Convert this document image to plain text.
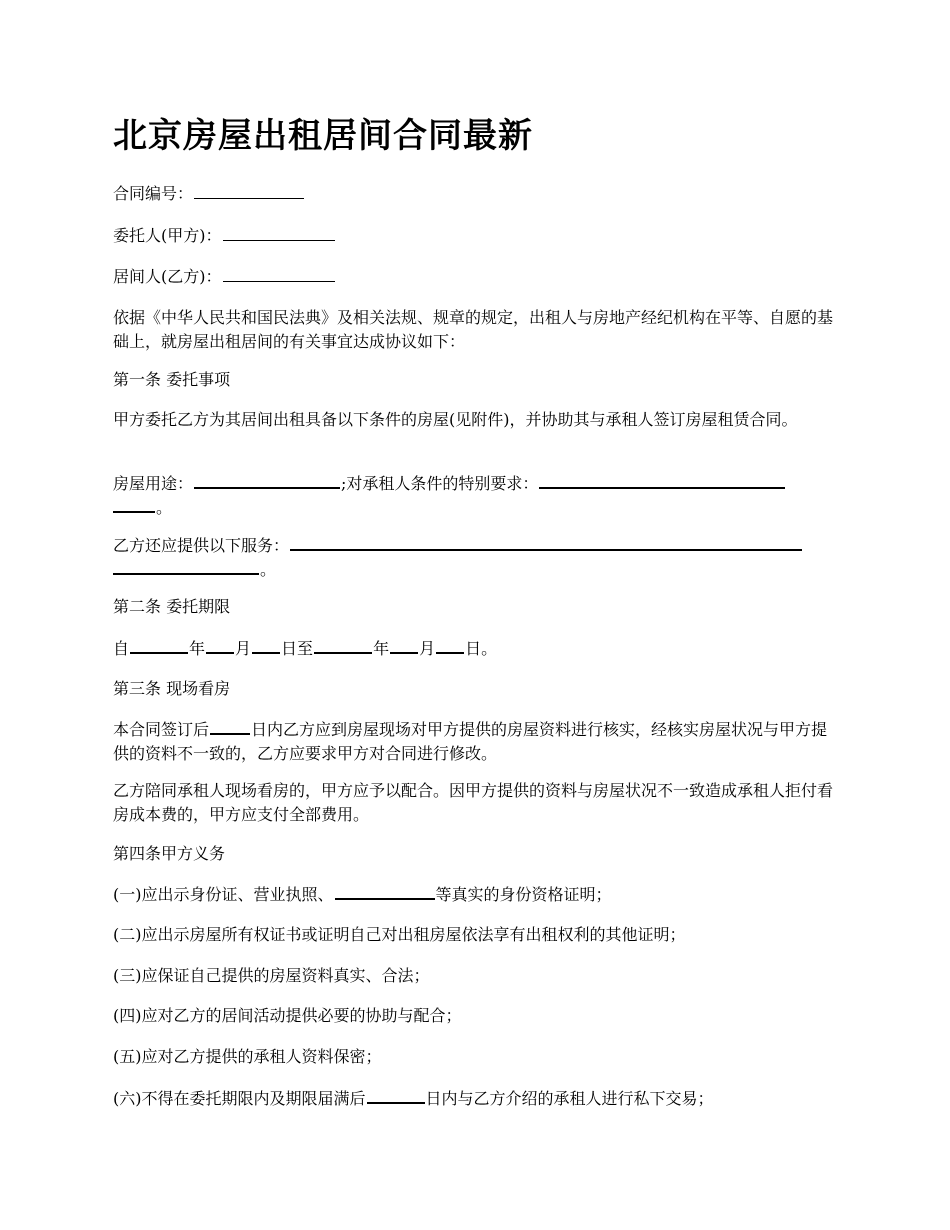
北京房屋出租居间合同最新

合同编号：

委托人(甲方)：

居间人(乙方)：

依据《中华人民共和国民法典》及相关法规、规章的规定，出租人与房地产经纪机构在平等、自愿的基础上，就房屋出租居间的有关事宜达成协议如下：

第一条 委托事项

甲方委托乙方为其居间出租具备以下条件的房屋(见附件)，并协助其与承租人签订房屋租赁合同。

房屋用途：	;对承租人条件的特别要求：

。

乙方还应提供以下服务：

。

第二条 委托期限

自	年 月 日至	年 月 日。

第三条 现场看房

本合同签订后	日内乙方应到房屋现场对甲方提供的房屋资料进行核实，经核实房屋状况与甲方提供的资料不一致的，乙方应要求甲方对合同进行修改。

乙方陪同承租人现场看房的，甲方应予以配合。因甲方提供的资料与房屋状况不一致造成承租人拒付看房成本费的，甲方应支付全部费用。

第四条甲方义务

(一)应出示身份证、营业执照、	等真实的身份资格证明；

(二)应出示房屋所有权证书或证明自己对出租房屋依法享有出租权利的其他证明；

(三)应保证自己提供的房屋资料真实、合法；

(四)应对乙方的居间活动提供必要的协助与配合；

(五)应对乙方提供的承租人资料保密；

(六)不得在委托期限内及期限届满后	日内与乙方介绍的承租人进行私下交易；
